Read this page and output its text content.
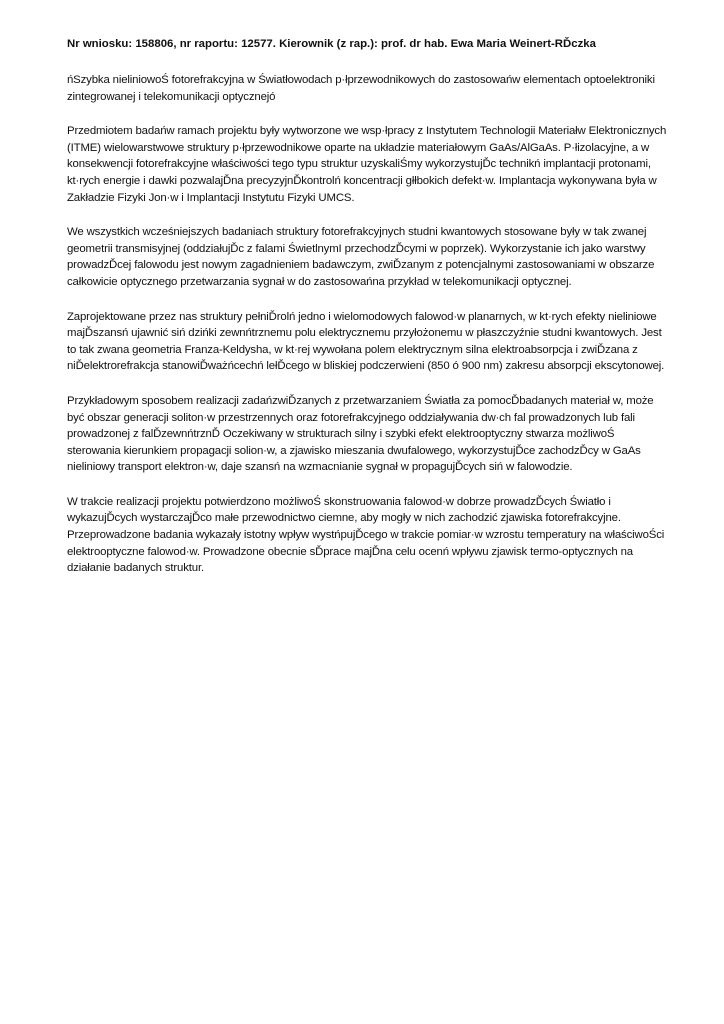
Nr wniosku: 158806, nr raportu: 12577. Kierownik (z rap.): prof. dr hab. Ewa Maria Weinert-RĎczka

ńSzybka nieliniowoŚ fotorefrakcyjna w Światłowodach p·łprzewodnikowych do zastosowańw elementach optoelektroniki zintegrowanej i telekomunikacji optycznejó

Przedmiotem badańw ramach projektu były wytworzone we wsp·łpracy z Instytutem Technologii Materiałw Elektronicznych (ITME) wielowarstwowe struktury p·łprzewodnikowe oparte na układzie materiałowym GaAs/AlGaAs. P·łizolacyjne, a w konsekwencji fotorefrakcyjne właściwości tego typu struktur uzyskaliŚmy wykorzystujĎc technikń implantacji protonami, kt·rych energie i dawki pozwalajĎna precyzyjnĎkontrolń koncentracji głłbokich defekt·w. Implantacja wykonywana była w Zakładzie Fizyki Jon·w i Implantacji Instytutu Fizyki UMCS.

We wszystkich wcześniejszych badaniach struktury fotorefrakcyjnych studni kwantowych stosowane były w tak zwanej geometrii transmisyjnej (oddziałujĎc z falami ŚwietlnymI przechodzĎcymi w poprzek). Wykorzystanie ich jako warstwy prowadzĎcej falowodu jest nowym zagadnieniem badawczym, zwiĎzanym z potencjalnymi zastosowaniami w obszarze całkowicie optycznego przetwarzania sygnał w do zastosowańna przykład w telekomunikacji optycznej.

Zaprojektowane przez nas struktury pełniĎrolń jedno i wielomodowych falowod·w planarnych, w kt·rych efekty nieliniowe majĎszansń ujawnić siń dzińki zewnńtrznemu polu elektrycznemu przyłożonemu w płaszczyźnie studni kwantowych. Jest to tak zwana geometria Franza-Keldysha, w kt·rej wywołana polem elektrycznym silna elektroabsorpcja i zwiĎzana z niĎelektrorefrakcja stanowiĎważńcechń lełĎcego w bliskiej podczerwieni (850 ó 900 nm) zakresu absorpcji ekscytonowej.

Przykładowym sposobem realizacji zadańzwiĎzanych z przetwarzaniem Światła za pomocĎbadanych materiał w, może być obszar generacji soliton·w przestrzennych oraz fotorefrakcyjnego oddziaływania dw·ch fal prowadzonych lub fali prowadzonej z falĎzewnńtrznĎ Oczekiwany w strukturach silny i szybki efekt elektrooptyczny stwarza możliwoŚ sterowania kierunkiem propagacji solion·w, a zjawisko mieszania dwufalowego, wykorzystujĎce zachodzĎcy w GaAs nieliniowy transport elektron·w, daje szansń na wzmacnianie sygnał w propagujĎcych siń w falowodzie.

W trakcie realizacji projektu potwierdzono możliwoŚ skonstruowania falowod·w dobrze prowadzĎcych Światło i wykazujĎcych wystarczajĎco małe przewodnictwo ciemne, aby mogły w nich zachodzić zjawiska fotorefrakcyjne. Przeprowadzone badania wykazały istotny wpływ wystńpujĎcego w trakcie pomiar·w wzrostu temperatury na właściwoŚci elektrooptyczne falowod·w. Prowadzone obecnie sĎprace majĎna celu ocenń wpływu zjawisk termo-optycznych na działanie badanych struktur.
